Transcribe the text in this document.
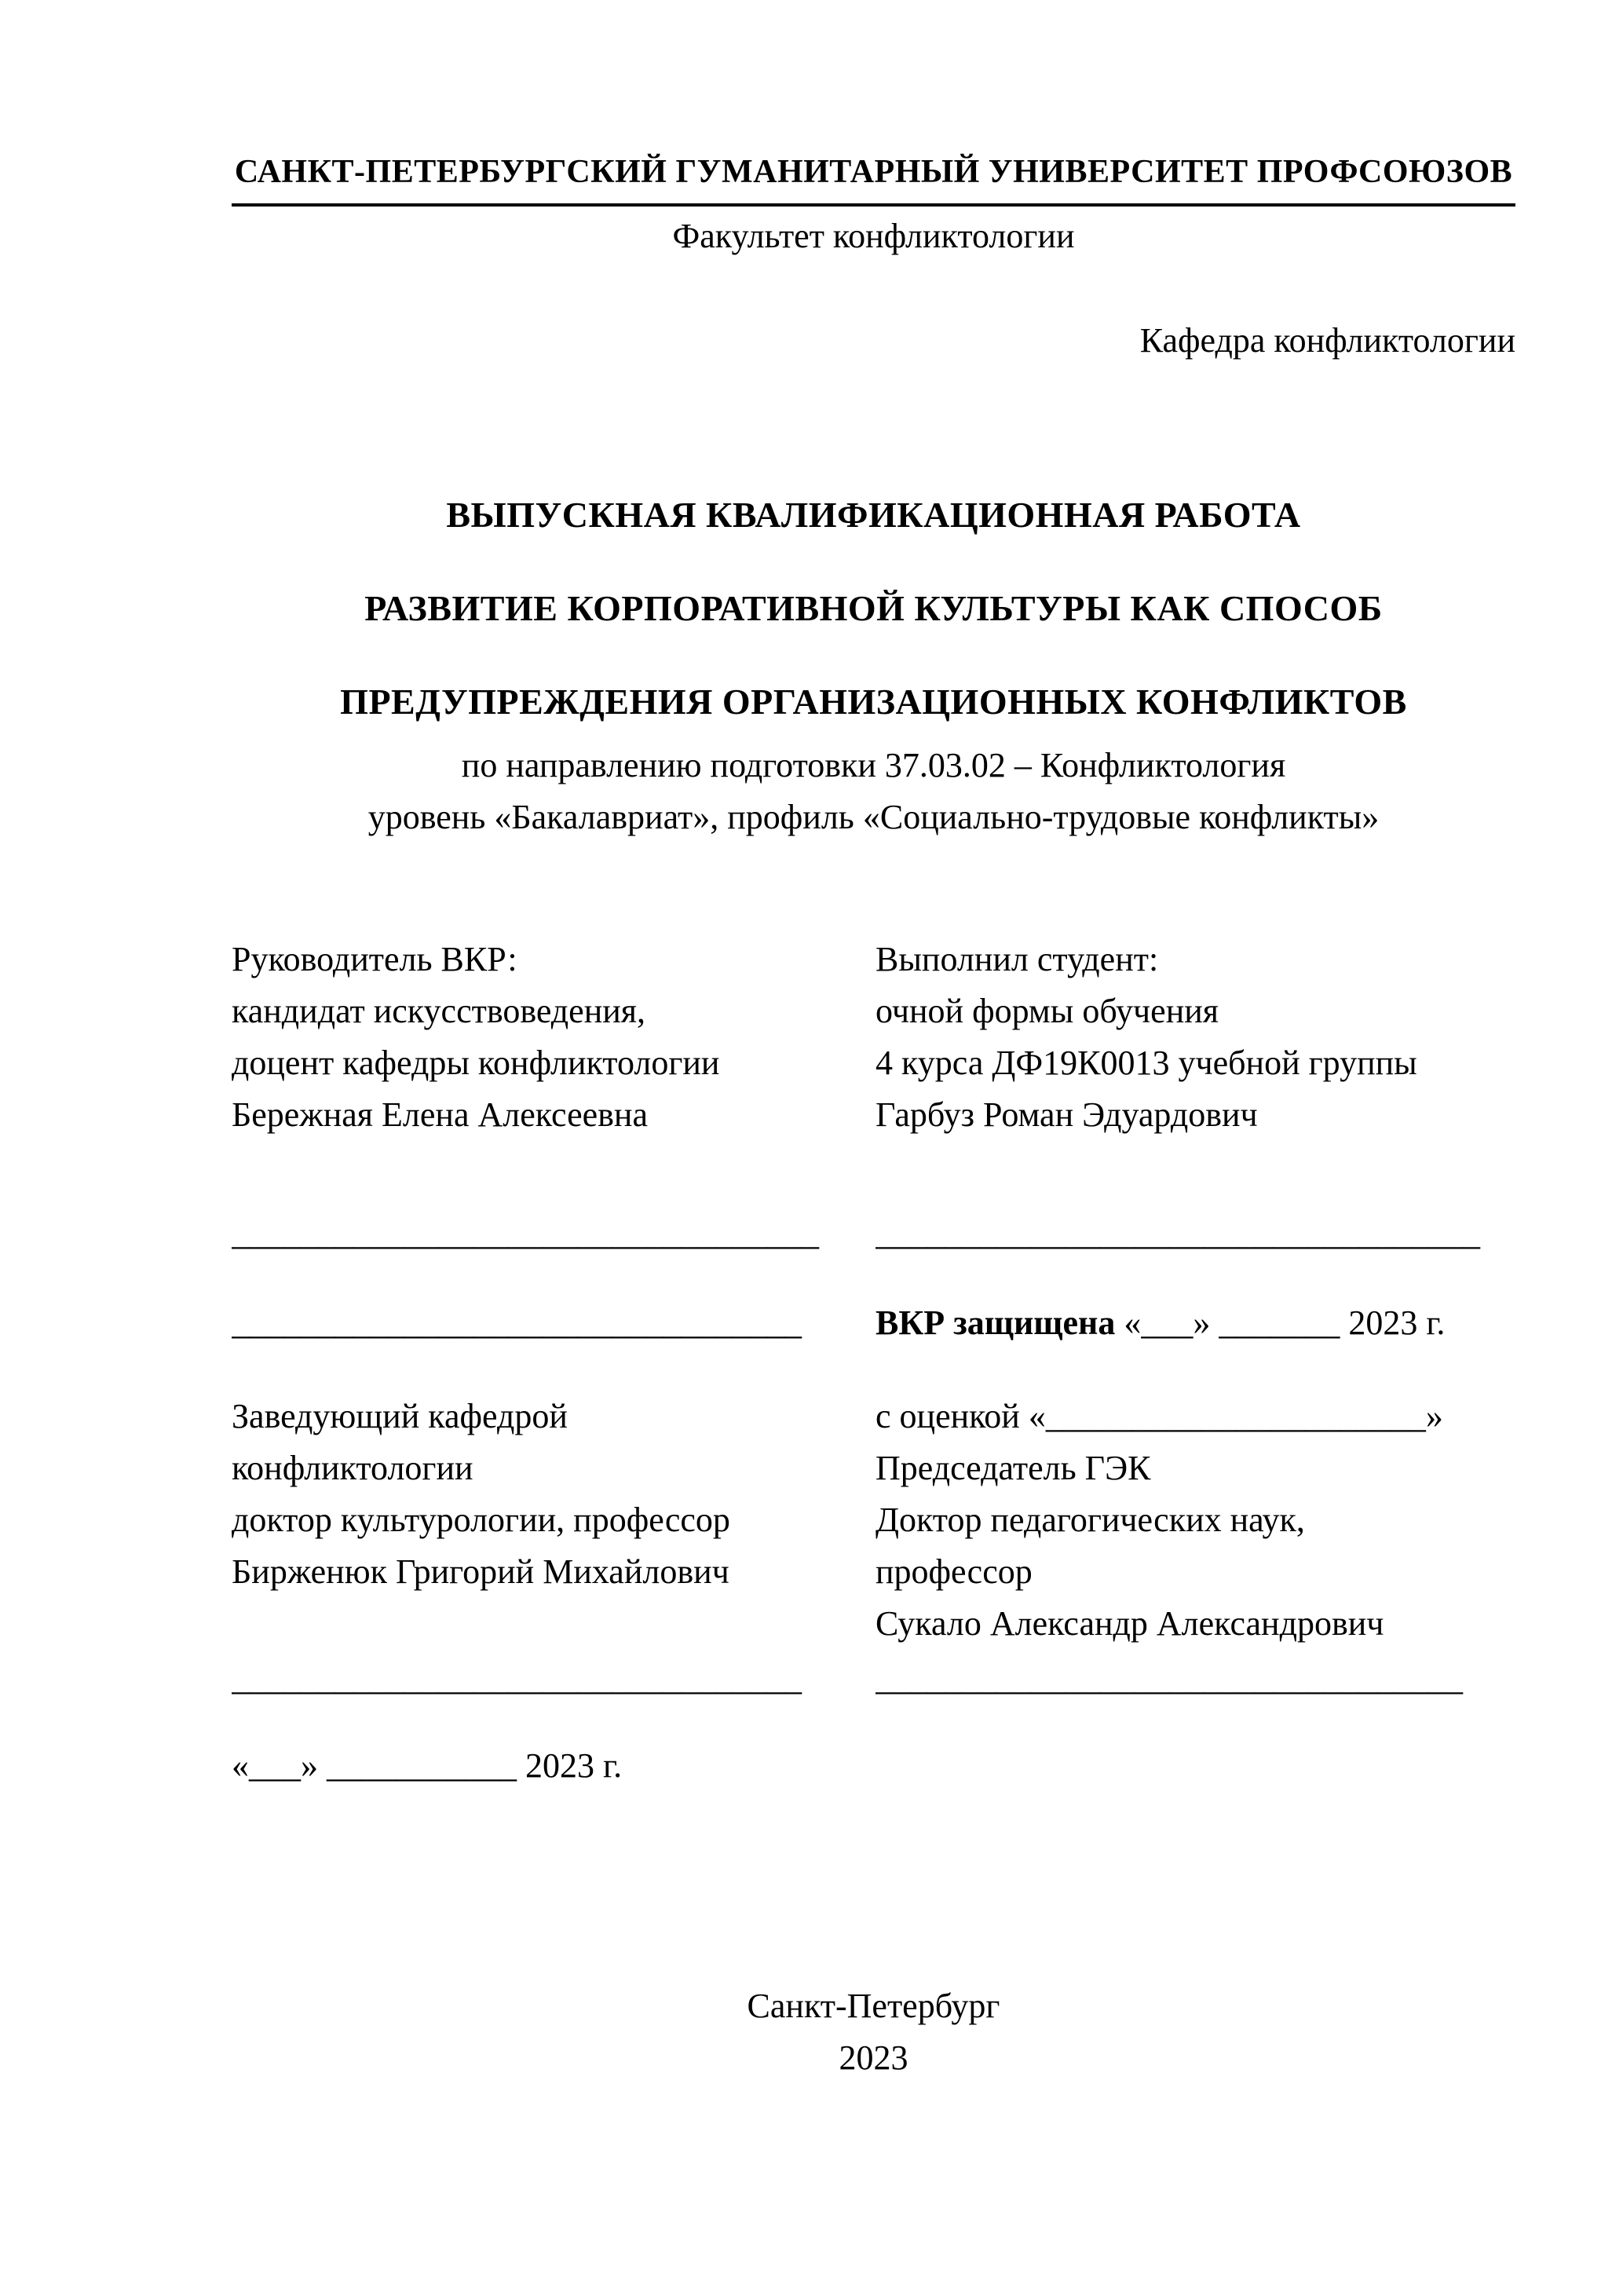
САНКТ-ПЕТЕРБУРГСКИЙ ГУМАНИТАРНЫЙ УНИВЕРСИТЕТ ПРОФСОЮЗОВ
Факультет конфликтологии
Кафедра конфликтологии
ВЫПУСКНАЯ КВАЛИФИКАЦИОННАЯ РАБОТА
РАЗВИТИЕ КОРПОРАТИВНОЙ КУЛЬТУРЫ КАК СПОСОБ
ПРЕДУПРЕЖДЕНИЯ ОРГАНИЗАЦИОННЫХ КОНФЛИКТОВ
по направлению подготовки 37.03.02 – Конфликтология
уровень «Бакалавриат», профиль «Социально-трудовые конфликты»
Руководитель ВКР:
кандидат искусствоведения,
доцент кафедры конфликтологии
Бережная Елена Алексеевна
Выполнил студент:
очной формы обучения
4 курса ДФ19К0013 учебной группы
Гарбуз Роман Эдуардович
__________________________________	___________________________________
_________________________________	ВКР защищена «___» _______ 2023 г.
Заведующий кафедрой
конфликтологии
доктор культурологии, профессор
Бирженюк Григорий Михайлович
с оценкой «______________________»
Председатель ГЭК
Доктор педагогических наук,
профессор
Сукало Александр Александрович
_________________________________	__________________________________
«___» ___________ 2023 г.
Санкт-Петербург
2023
